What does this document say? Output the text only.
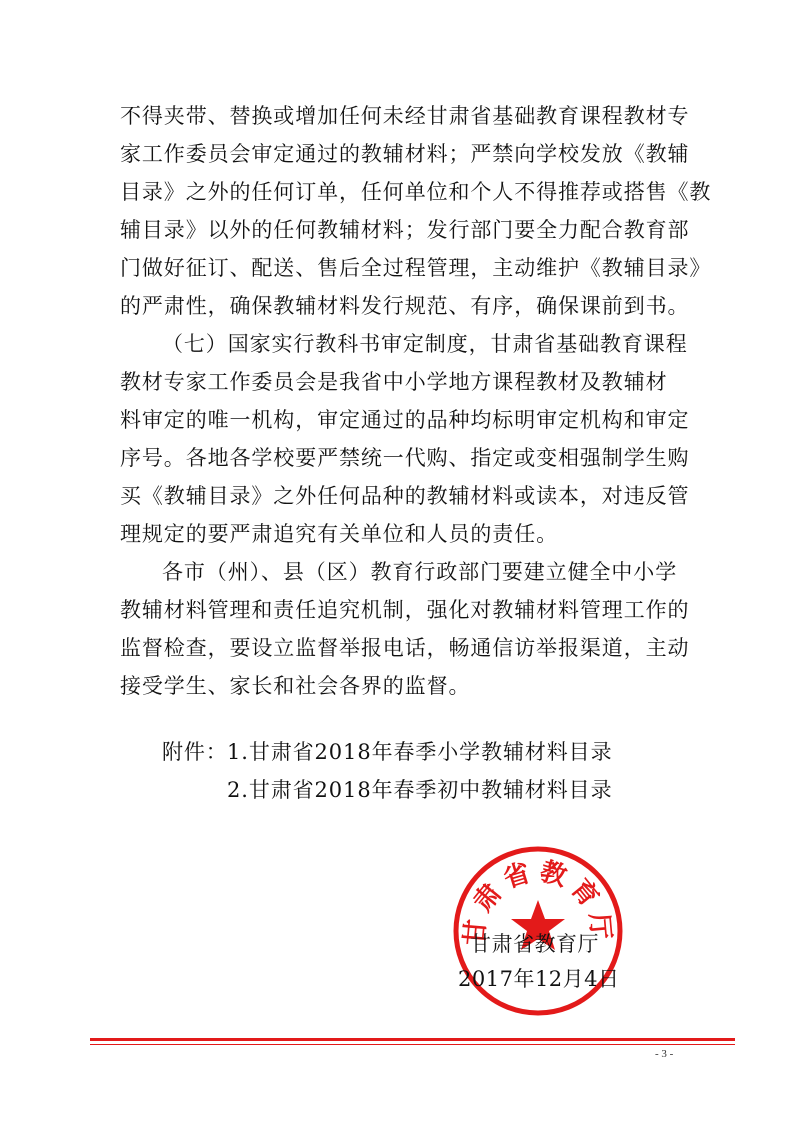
不得夹带、替换或增加任何未经甘肃省基础教育课程教材专
家工作委员会审定通过的教辅材料；严禁向学校发放《教辅
目录》之外的任何订单，任何单位和个人不得推荐或搭售《教
辅目录》以外的任何教辅材料；发行部门要全力配合教育部
门做好征订、配送、售后全过程管理，主动维护《教辅目录》
的严肃性，确保教辅材料发行规范、有序，确保课前到书。
（七）国家实行教科书审定制度，甘肃省基础教育课程
教材专家工作委员会是我省中小学地方课程教材及教辅材
料审定的唯一机构，审定通过的品种均标明审定机构和审定
序号。各地各学校要严禁统一代购、指定或变相强制学生购
买《教辅目录》之外任何品种的教辅材料或读本，对违反管
理规定的要严肃追究有关单位和人员的责任。
各市（州）、县（区）教育行政部门要建立健全中小学
教辅材料管理和责任追究机制，强化对教辅材料管理工作的
监督检查，要设立监督举报电话，畅通信访举报渠道，主动
接受学生、家长和社会各界的监督。
附件： 1.甘肃省2018年春季小学教辅材料目录
2.甘肃省2018年春季初中教辅材料目录
甘肃省教育厅
甘肃省教育厅
2017年12月4日
- 3 -
